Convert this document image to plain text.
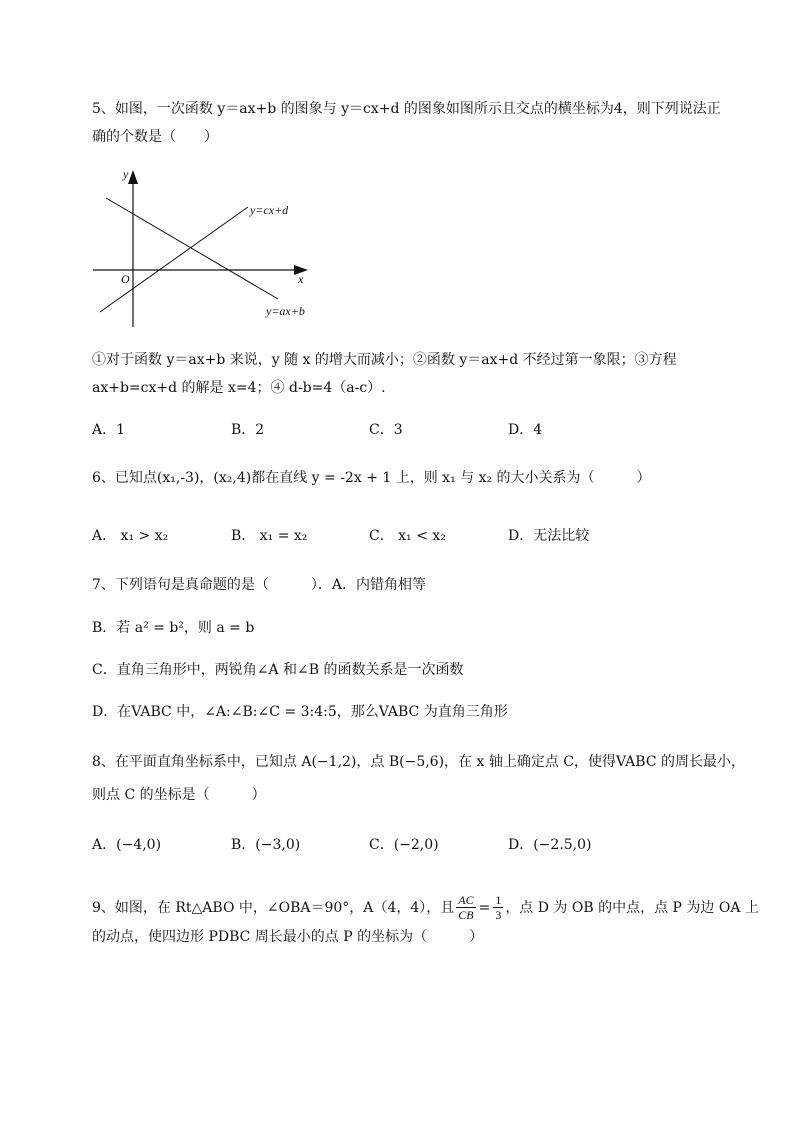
5、如图，一次函数 y＝ax+b 的图象与 y＝cx+d 的图象如图所示且交点的横坐标为4，则下列说法正
确的个数是（　　）
y
x
O
y=cx+d
y=ax+b
①对于函数 y＝ax+b 来说，y 随 x 的增大而减小；②函数 y＝ax+d 不经过第一象限；③方程
ax+b=cx+d 的解是 x=4；④ d-b=4（a-c）.
A．1	B．2	C．3	D．4
6、已知点(x₁,-3)，(x₂,4)都在直线 y = -2x + 1 上，则 x₁ 与 x₂ 的大小关系为（　　　）
A． x₁ > x₂	B． x₁ = x₂	C． x₁ < x₂	D．无法比较
7、下列语句是真命题的是（　　　）．A．内错角相等
B．若 a² = b²，则 a = b
C．直角三角形中，两锐角∠A 和∠B 的函数关系是一次函数
D．在VABC 中，∠A:∠B:∠C = 3:4:5，那么VABC 为直角三角形
8、在平面直角坐标系中，已知点 A(−1,2)，点 B(−5,6)，在 x 轴上确定点 C，使得VABC 的周长最小，
则点 C 的坐标是（　　　）
A．(−4,0)	B．(−3,0)	C．(−2,0)	D．(−2.5,0)
9、如图，在 Rt△ABO 中，∠OBA＝90°，A（4，4），且 $\frac{AC}{CB} = \frac{1}{3}$ ，点 D 为 OB 的中点，点 P 为边 OA 上
的动点，使四边形 PDBC 周长最小的点 P 的坐标为（　　　）
